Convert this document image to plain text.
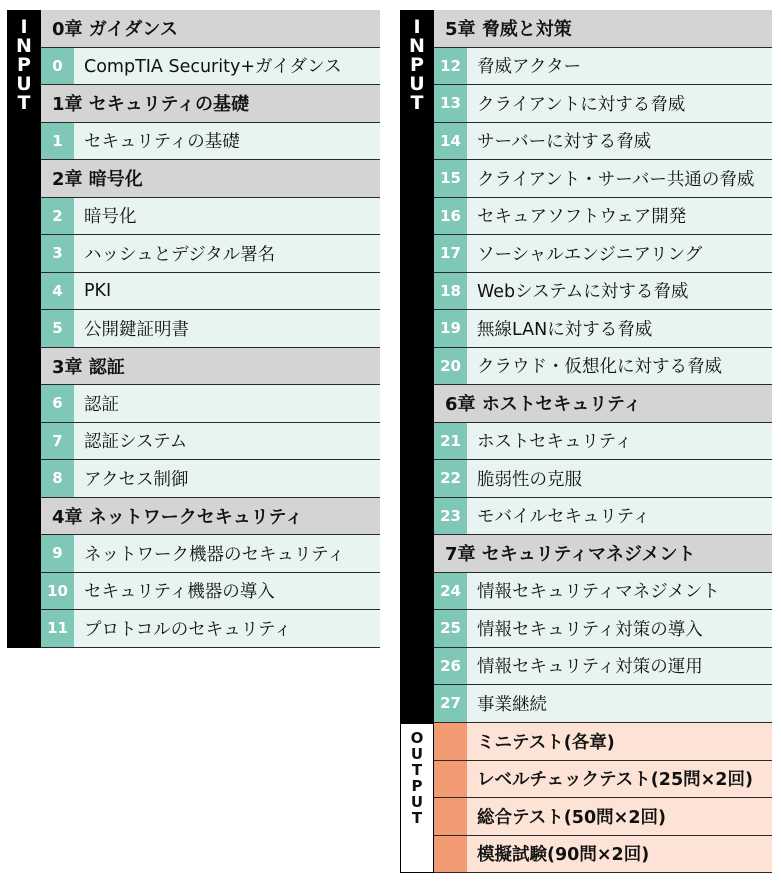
I
N
P
U
T
0章 ガイダンス
0	CompTIA Security+ガイダンス
1章 セキュリティの基礎
1	セキュリティの基礎
2章 暗号化
2	暗号化
3	ハッシュとデジタル署名
4	PKI
5	公開鍵証明書
3章 認証
6	認証
7	認証システム
8	アクセス制御
4章 ネットワークセキュリティ
9	ネットワーク機器のセキュリティ
10 セキュリティ機器の導入
11 プロトコルのセキュリティ
I
N
P
U
T
5章 脅威と対策
12 脅威アクター
13 クライアントに対する脅威
14 サーバーに対する脅威
15 クライアント・サーバー共通の脅威
16 セキュアソフトウェア開発
17 ソーシャルエンジニアリング
18 Webシステムに対する脅威
19 無線LANに対する脅威
20 クラウド・仮想化に対する脅威
6章 ホストセキュリティ
21 ホストセキュリティ
22 脆弱性の克服
23 モバイルセキュリティ
7章 セキュリティマネジメント
24 情報セキュリティマネジメント
25 情報セキュリティ対策の導入
26 情報セキュリティ対策の運用
27 事業継続
O
U
T
P
U
T
ミニテスト(各章)
レベルチェックテスト(25問×2回)
総合テスト(50問×2回)
模擬試験(90問×2回)
